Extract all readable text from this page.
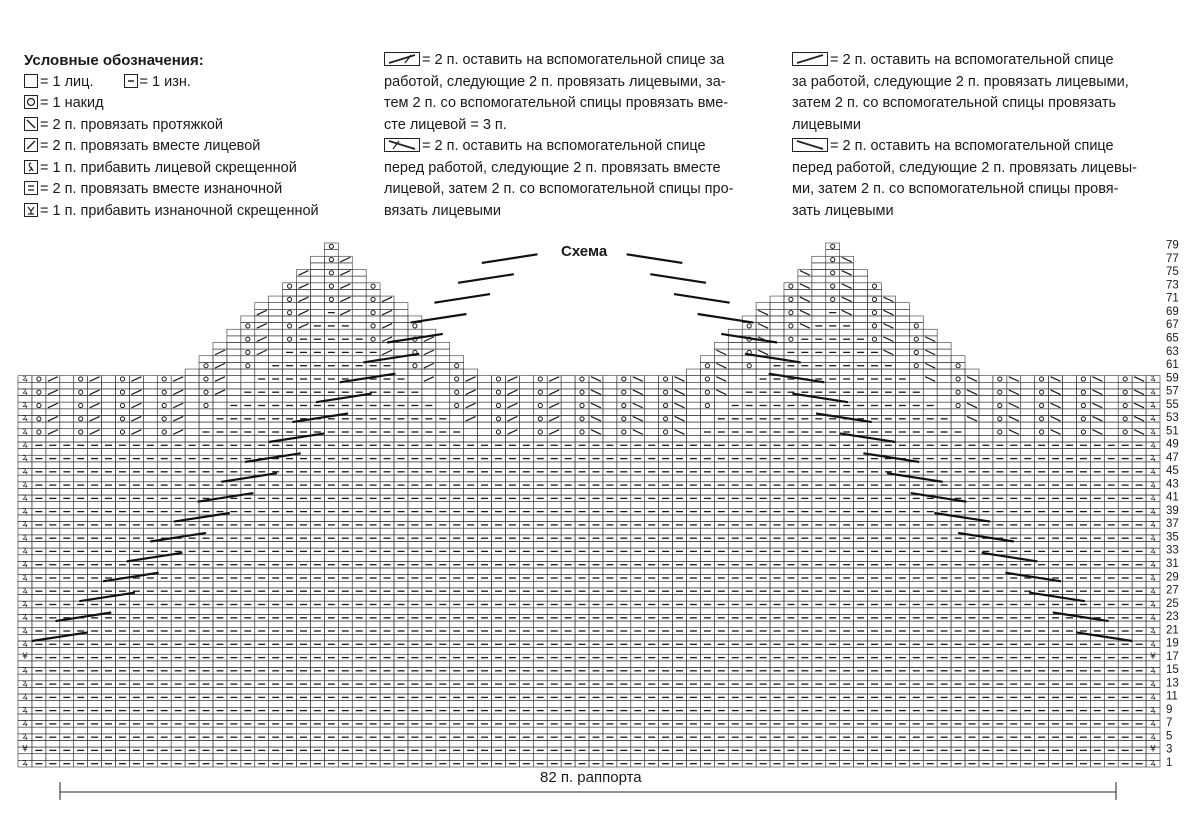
Условные обозначения:
= 1 лиц.	= 1 изн.
= 1 накид
= 2 п. провязать протяжкой
= 2 п. провязать вместе лицевой
= 1 п. прибавить лицевой скрещенной
= 2 п. провязать вместе изнаночной
= 1 п. прибавить изнаночной скрещенной
= 2 п. оставить на вспомогательной спице за
работой, следующие 2 п. провязать лицевыми, за-
тем 2 п. со вспомогательной спицы провязать вме-
сте лицевой = 3 п.
= 2 п. оставить на вспомогательной спице
перед работой, следующие 2 п. провязать вместе
лицевой, затем 2 п. со вспомогательной спицы про-
вязать лицевыми
= 2 п. оставить на вспомогательной спице
за работой, следующие 2 п. провязать лицевыми,
затем 2 п. со вспомогательной спицы провязать
лицевыми
= 2 п. оставить на вспомогательной спице
перед работой, следующие 2 п. провязать лицевы-
ми, затем 2 п. со вспомогательной спицы провя-
зать лицевыми
Схема
ꝝ
¥
ꝝ
ꝝ
ꝝ
ꝝ
ꝝ
ꝝ
¥
ꝝ
ꝝ
ꝝ
ꝝ
ꝝ
ꝝ
ꝝ
ꝝ
ꝝ
ꝝ
ꝝ
ꝝ
ꝝ
ꝝ
ꝝ
ꝝ
ꝝ
ꝝ
ꝝ
ꝝ
ꝝ
ꝝ
¥
ꝝ
ꝝ
ꝝ
ꝝ
ꝝ
ꝝ
¥
ꝝ
ꝝ
ꝝ
ꝝ
ꝝ
ꝝ
ꝝ
ꝝ
ꝝ
ꝝ
ꝝ
ꝝ
ꝝ
ꝝ
ꝝ
ꝝ
ꝝ
ꝝ
ꝝ
ꝝ
ꝝ
79
77
75
73
71
69
67
65
63
61
59
57
55
53
51
49
47
45
43
41
39
37
35
33
31
29
27
25
23
21
19
17
15
13
11
9
7
5
3
1
82 п. раппорта
